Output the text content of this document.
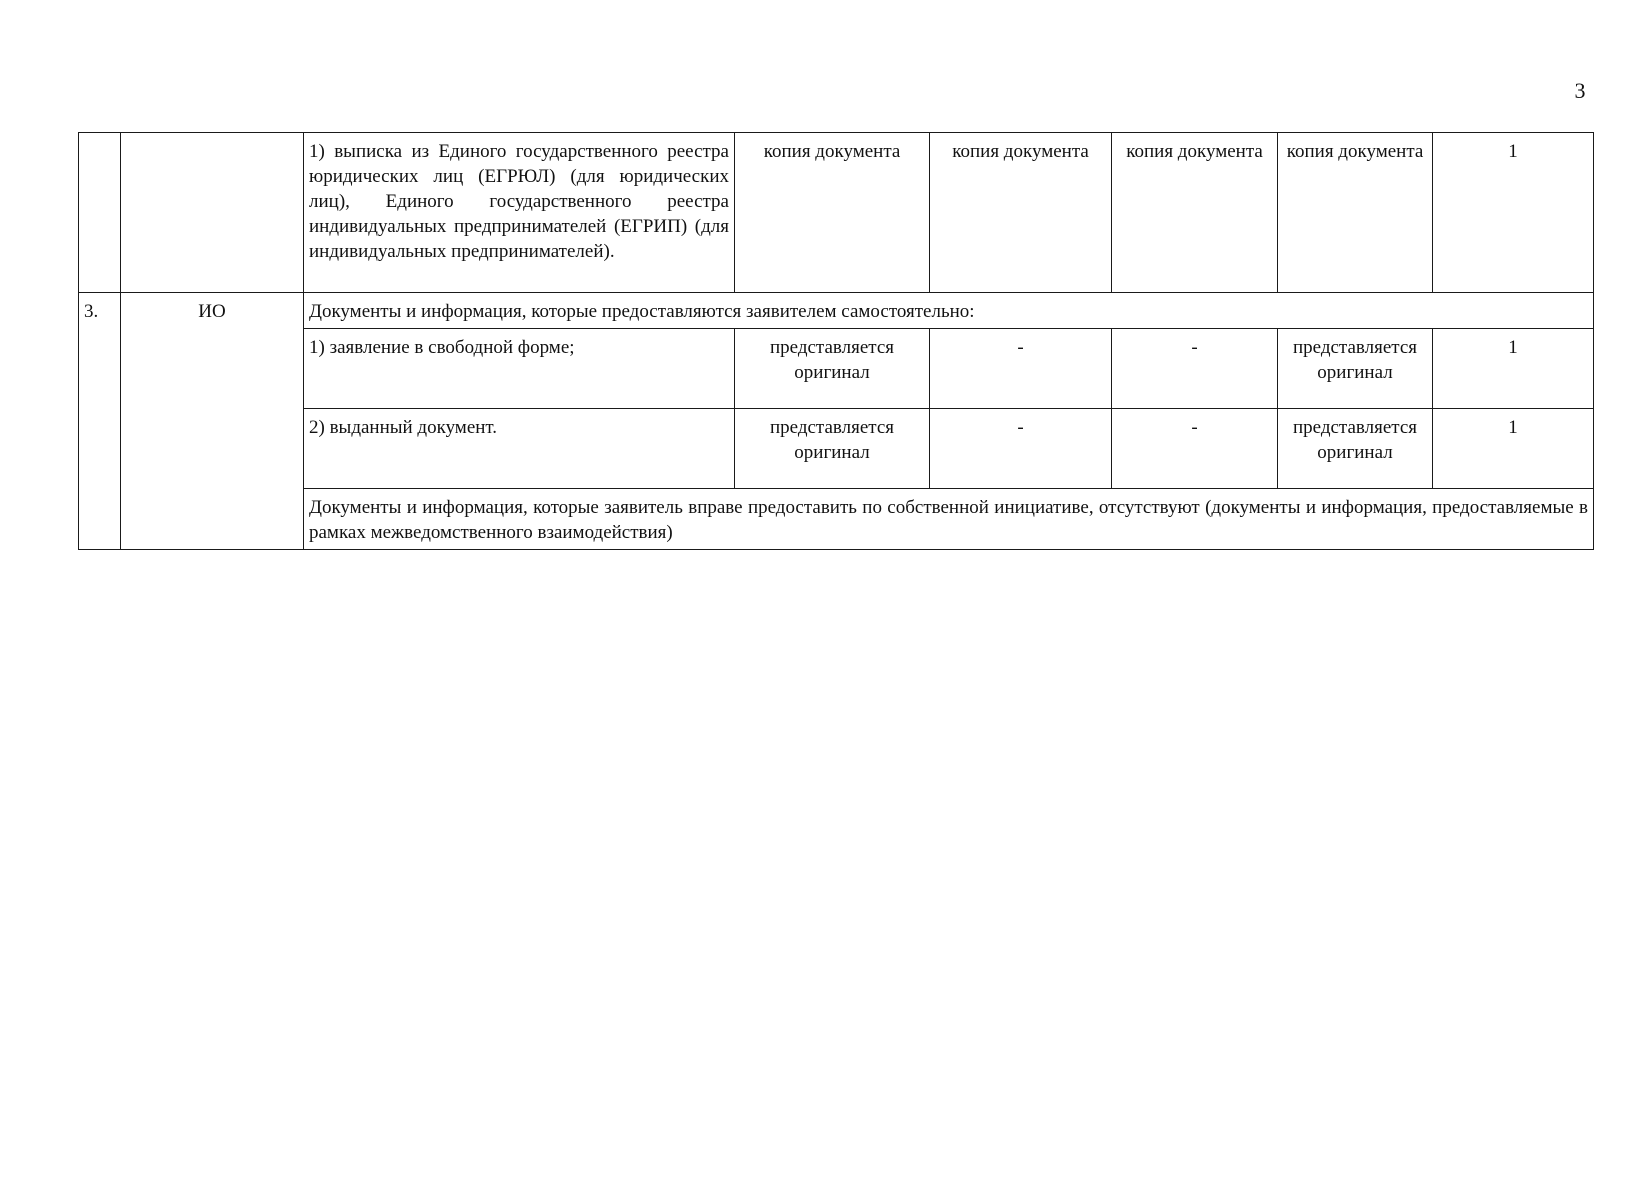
3
		1) выписка из Единого государственного реестра юридических лиц (ЕГРЮЛ) (для юридических лиц), Единого государственного реестра индивидуальных предпринимателей (ЕГРИП) (для индивидуальных предпринимателей).	копия документа	копия документа	копия документа	копия документа	1
3.	ИО	Документы и информация, которые предоставляются заявителем самостоятельно:					
		1) заявление в свободной форме;	представляется оригинал	-	-	представляется оригинал	1
		2) выданный документ.	представляется оригинал	-	-	представляется оригинал	1
		Документы и информация, которые заявитель вправе предоставить по собственной инициативе, отсутствуют (документы и информация, предоставляемые в рамках межведомственного взаимодействия)					
